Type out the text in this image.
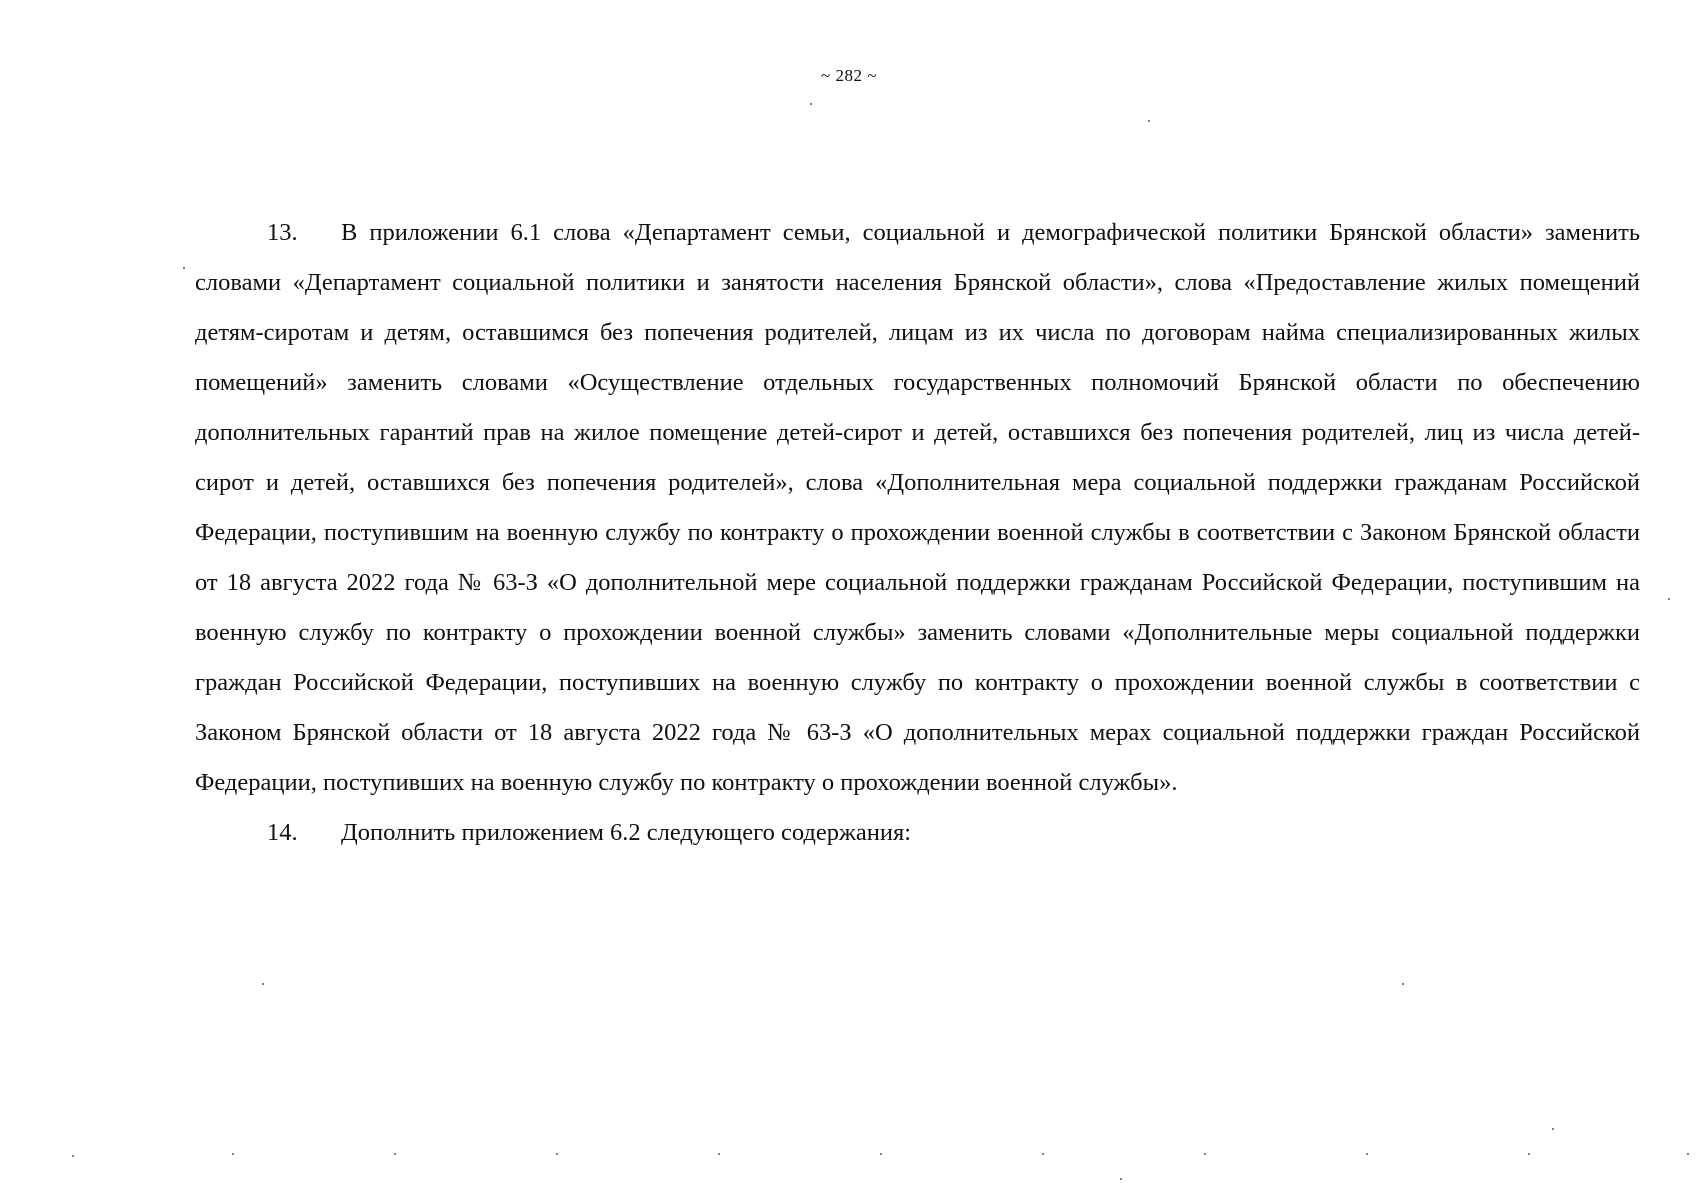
~ 282 ~

13. В приложении 6.1 слова «Департамент семьи, социальной и демографической политики Брянской области» заменить словами «Департамент социальной политики и занятости населения Брянской области», слова «Предоставление жилых помещений детям-сиротам и детям, оставшимся без попечения родителей, лицам из их числа по договорам найма специализированных жилых помещений» заменить словами «Осуществление отдельных государственных полномочий Брянской области по обеспечению дополнительных гарантий прав на жилое помещение детей-сирот и детей, оставшихся без попечения родителей, лиц из числа детей-сирот и детей, оставшихся без попечения родителей», слова «Дополнительная мера социальной поддержки гражданам Российской Федерации, поступившим на военную службу по контракту о прохождении военной службы в соответствии с Законом Брянской области от 18 августа 2022 года № 63-З «О дополнительной мере социальной поддержки гражданам Российской Федерации, поступившим на военную службу по контракту о прохождении военной службы» заменить словами «Дополнительные меры социальной поддержки граждан Российской Федерации, поступивших на военную службу по контракту о прохождении военной службы в соответствии с Законом Брянской области от 18 августа 2022 года № 63-З «О дополнительных мерах социальной поддержки граждан Российской Федерации, поступивших на военную службу по контракту о прохождении военной службы».

14. Дополнить приложением 6.2 следующего содержания:
